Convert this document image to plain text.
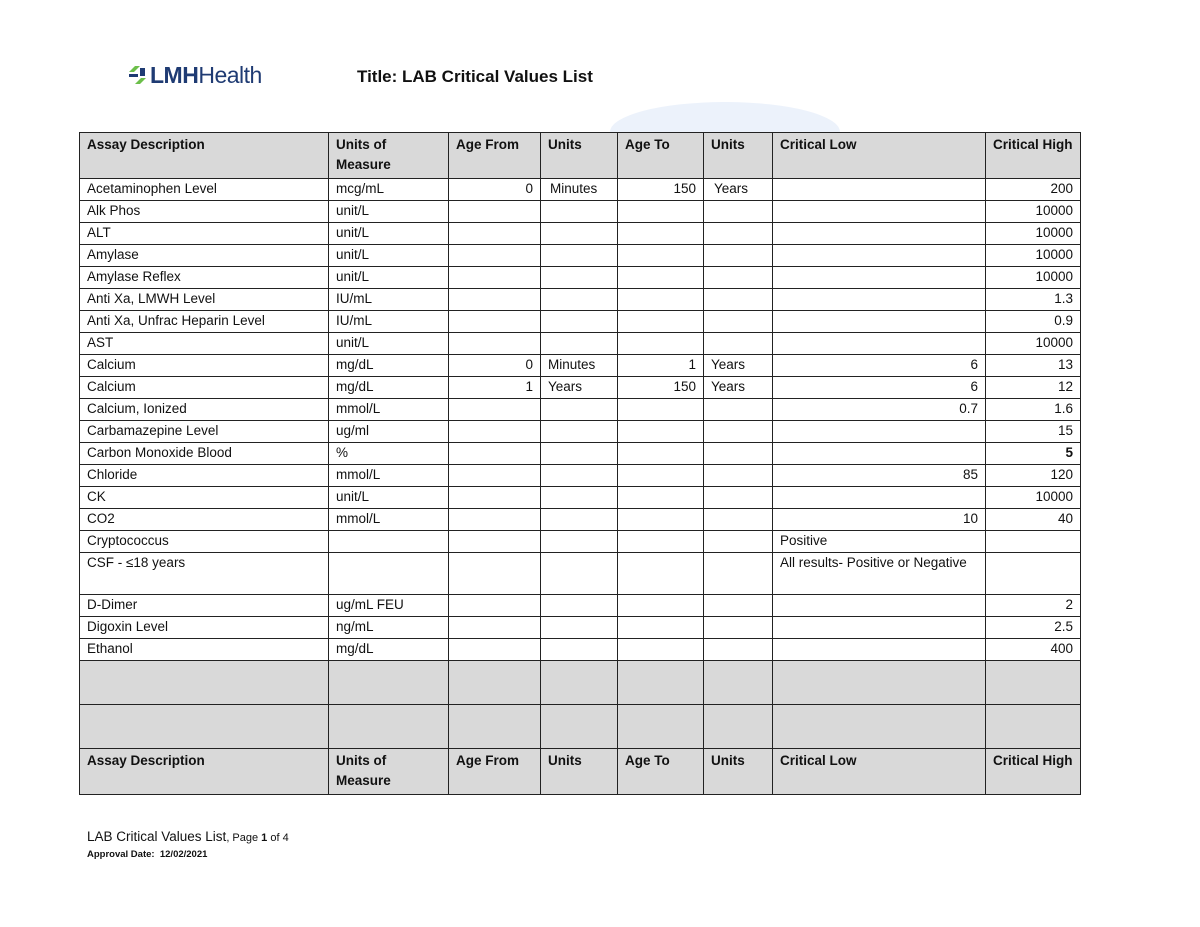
LMHHealth	Title: LAB Critical Values List
Assay Description	Units of Measure	Age From	Units	Age To	Units	Critical Low	Critical High
Acetaminophen Level	mcg/mL	0	Minutes	150	Years		200
Alk Phos	unit/L						10000
ALT	unit/L						10000
Amylase	unit/L						10000
Amylase Reflex	unit/L						10000
Anti Xa, LMWH Level	IU/mL						1.3
Anti Xa, Unfrac Heparin Level	IU/mL						0.9
AST	unit/L						10000
Calcium	mg/dL	0	Minutes	1	Years	6	13
Calcium	mg/dL	1	Years	150	Years	6	12
Calcium, Ionized	mmol/L					0.7	1.6
Carbamazepine Level	ug/ml						15
Carbon Monoxide Blood	%						5
Chloride	mmol/L					85	120
CK	unit/L						10000
CO2	mmol/L					10	40
Cryptococcus						Positive	
CSF - ≤18 years						All results- Positive or Negative	
D-Dimer	ug/mL FEU						2
Digoxin Level	ng/mL						2.5
Ethanol	mg/dL						400

Assay Description	Units of Measure	Age From	Units	Age To	Units	Critical Low	Critical High
LAB Critical Values List, Page 1 of 4
Approval Date: 12/02/2021
